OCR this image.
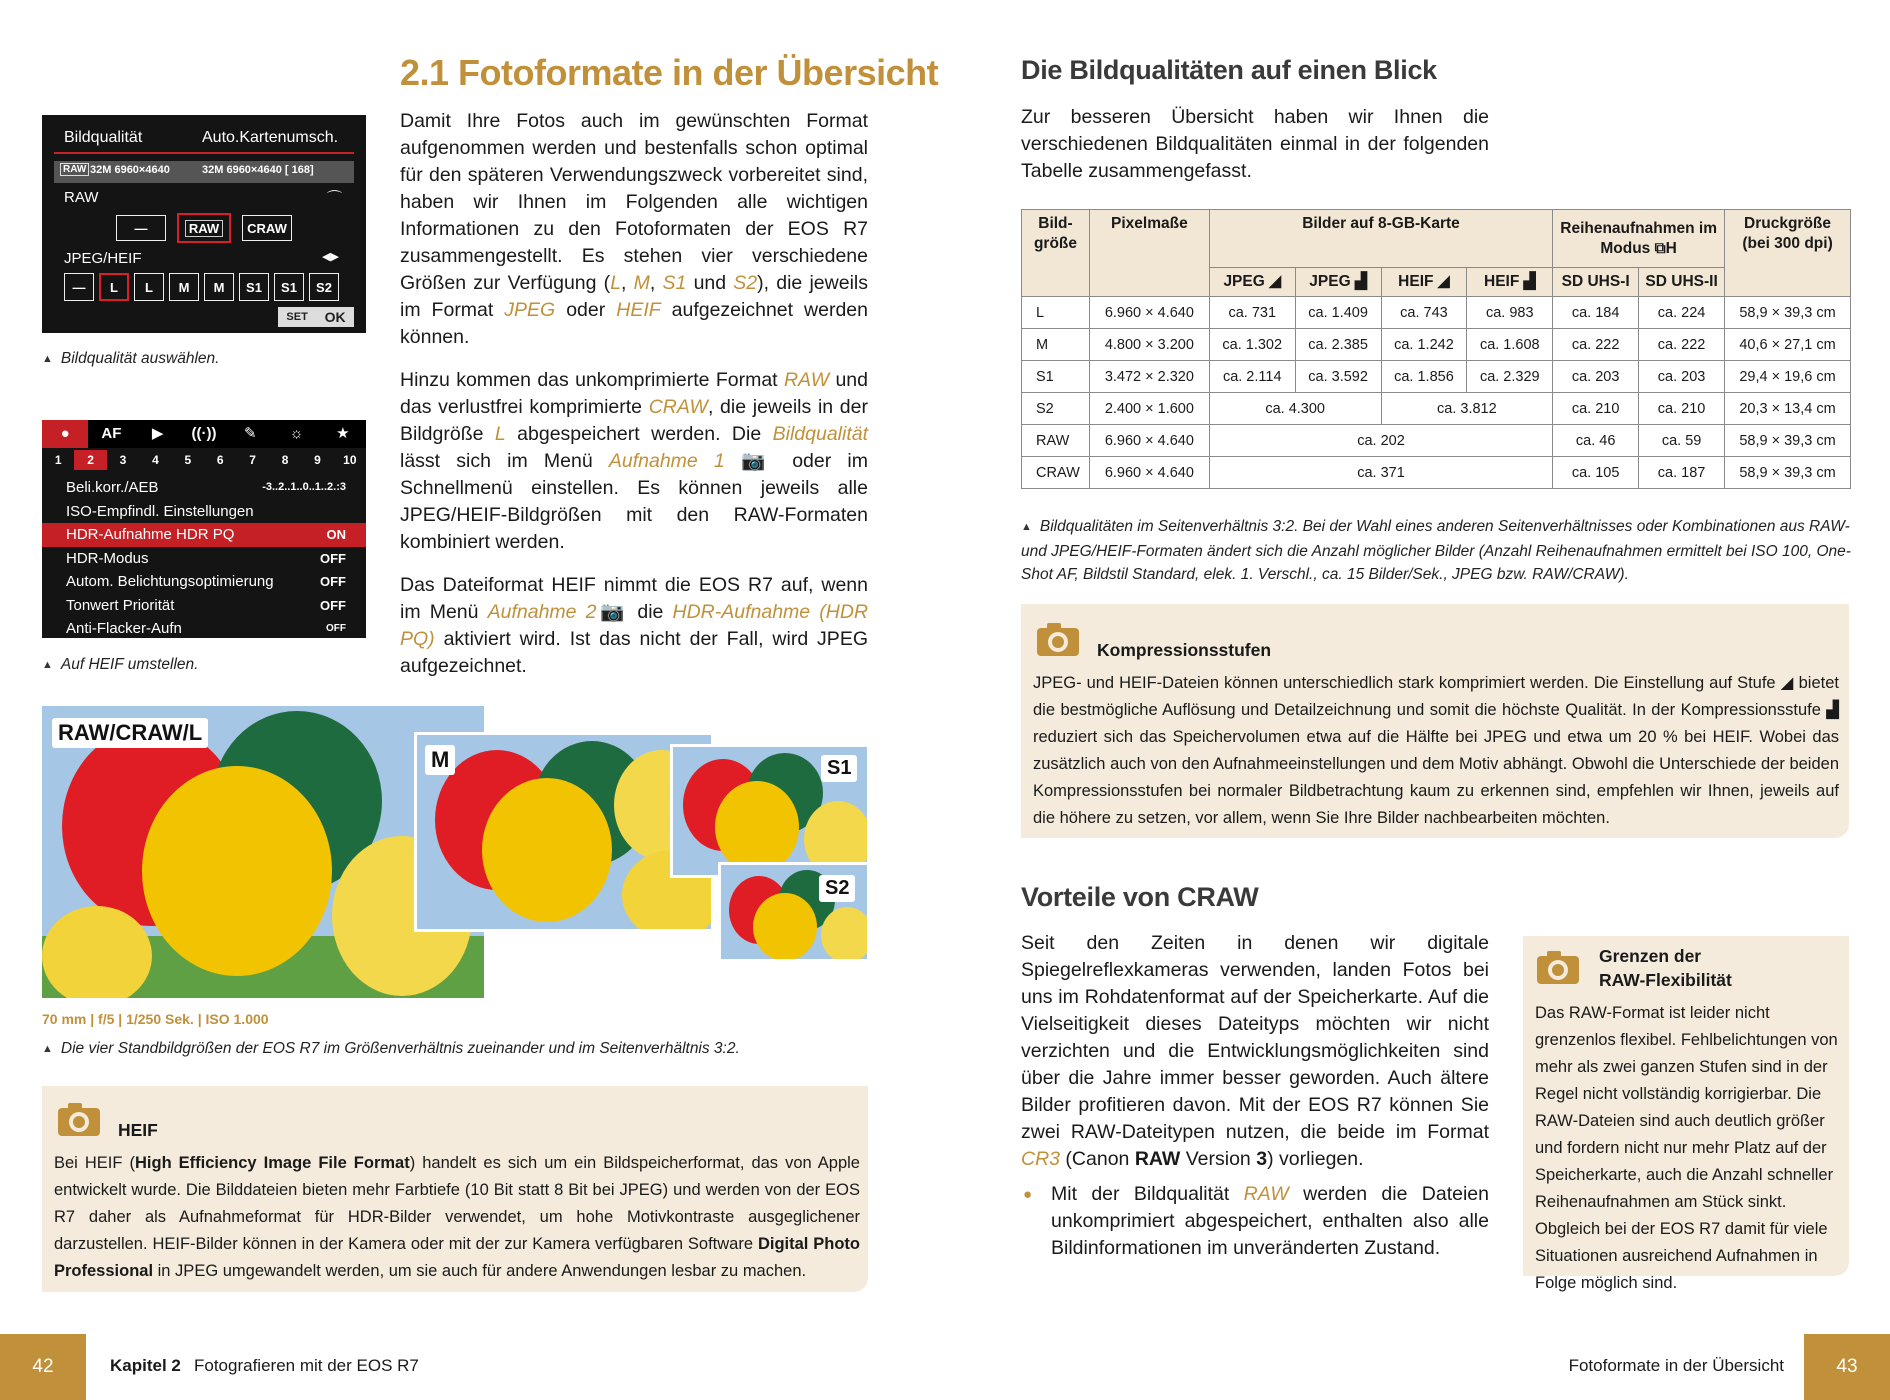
2.1 Fotoformate in der Übersicht
Bildqualität	Auto.Kartenumsch.
RAW 32M 6960×4640	32M 6960×4640 [ 168]
RAW	⌒
—	RAW	CRAW
JPEG/HEIF	◀▶
—	L	L	M	M	S1	S1	S2
SET OK
▲ Bildqualität auswählen.
●	AF	▶	((·))	✎	☼	★
1	2	3	4	5	6	7	8	9	10
Beli.korr./AEB	-3..2..1..0..1..2.:3
ISO-Empfindl. Einstellungen
HDR-Aufnahme HDR PQ	ON
HDR-Modus	OFF
Autom. Belichtungsoptimierung	OFF
Tonwert Priorität	OFF
Anti-Flacker-Aufn	OFF
▲ Auf HEIF umstellen.
RAW/CRAW/L
M	S1
S2
70 mm | f/5 | 1/250 Sek. | ISO 1.000
▲ Die vier Standbildgrößen der EOS R7 im Größenverhältnis zueinander und im Seitenverhältnis 3:2.

Damit Ihre Fotos auch im gewünschten Format aufgenommen werden und bestenfalls schon optimal für den späteren Verwendungszweck vorbereitet sind, haben wir Ihnen im Folgenden alle wichtigen Informationen zu den Fotoformaten der EOS R7 zusammengestellt. Es stehen vier verschiedene Größen zur Verfügung (L, M, S1 und S2), die jeweils im Format JPEG oder HEIF aufgezeichnet werden können.

Hinzu kommen das unkomprimierte Format RAW und das verlustfrei komprimierte CRAW, die jeweils in der Bildgröße L abgespeichert werden. Die Bildqualität lässt sich im Menü Aufnahme 1 📷 oder im Schnellmenü einstellen. Es können jeweils alle JPEG/HEIF-Bildgrößen mit den RAW-Formaten kombiniert werden.

Das Dateiformat HEIF nimmt die EOS R7 auf, wenn im Menü Aufnahme 2📷 die HDR-Aufnahme (HDR PQ) aktiviert wird. Ist das nicht der Fall, wird JPEG aufgezeichnet.

HEIF
Bei HEIF (High Efficiency Image File Format) handelt es sich um ein Bildspeicherformat, das von Apple entwickelt wurde. Die Bilddateien bieten mehr Farbtiefe (10 Bit statt 8 Bit bei JPEG) und werden von der EOS R7 daher als Aufnahmeformat für HDR-Bilder verwendet, um hohe Motivkontraste ausgeglichener darzustellen. HEIF-Bilder können in der Kamera oder mit der zur Kamera verfügbaren Software Digital Photo Professional in JPEG umgewandelt werden, um sie auch für andere Anwendungen lesbar zu machen.
Die Bildqualitäten auf einen Blick
Zur besseren Übersicht haben wir Ihnen die verschiedenen Bildqualitäten einmal in der folgenden Tabelle zusammengefasst.
Bild-
größe	Pixelmaße	Bilder auf 8-GB-Karte				Reihenaufnahmen im Modus ⧉H		Druckgröße (bei 300 dpi)
		JPEG ◢	JPEG ▟	HEIF ◢	HEIF ▟	SD UHS-I	SD UHS-II	
L	6.960 × 4.640	ca. 731	ca. 1.409	ca. 743	ca. 983	ca. 184	ca. 224	58,9 × 39,3 cm
M	4.800 × 3.200	ca. 1.302	ca. 2.385	ca. 1.242	ca. 1.608	ca. 222	ca. 222	40,6 × 27,1 cm
S1	3.472 × 2.320	ca. 2.114	ca. 3.592	ca. 1.856	ca. 2.329	ca. 203	ca. 203	29,4 × 19,6 cm
S2	2.400 × 1.600	ca. 4.300		ca. 3.812		ca. 210	ca. 210	20,3 × 13,4 cm
RAW	6.960 × 4.640	ca. 202				ca. 46	ca. 59	58,9 × 39,3 cm
CRAW	6.960 × 4.640	ca. 371				ca. 105	ca. 187	58,9 × 39,3 cm
▲ Bildqualitäten im Seitenverhältnis 3:2. Bei der Wahl eines anderen Seitenverhältnisses oder Kombinationen aus RAW- und JPEG/HEIF-Formaten ändert sich die Anzahl möglicher Bilder (Anzahl Reihenaufnahmen ermittelt bei ISO 100, One-Shot AF, Bildstil Standard, elek. 1. Verschl., ca. 15 Bilder/Sek., JPEG bzw. RAW/CRAW).
Kompressionsstufen
JPEG- und HEIF-Dateien können unterschiedlich stark komprimiert werden. Die Einstellung auf Stufe ◢ bietet die bestmögliche Auflösung und Detailzeichnung und somit die höchste Qualität. In der Kompressionsstufe ▟ reduziert sich das Speichervolumen etwa auf die Hälfte bei JPEG und etwa um 20 % bei HEIF. Wobei das zusätzlich auch von den Aufnahmeeinstellungen und dem Motiv abhängt. Obwohl die Unterschiede der beiden Kompressionsstufen bei normaler Bildbetrachtung kaum zu erkennen sind, empfehlen wir Ihnen, jeweils auf die höhere zu setzen, vor allem, wenn Sie Ihre Bilder nachbearbeiten möchten.
Vorteile von CRAW
Seit den Zeiten in denen wir digitale Spiegelreflexkameras verwenden, landen Fotos bei uns im Rohdatenformat auf der Speicherkarte. Auf die Vielseitigkeit dieses Dateityps möchten wir nicht verzichten und die Entwicklungsmöglichkeiten sind über die Jahre immer besser geworden. Auch ältere Bilder profitieren davon. Mit der EOS R7 können Sie zwei RAW-Dateitypen nutzen, die beide im Format CR3 (Canon RAW Version 3) vorliegen.
● Mit der Bildqualität RAW werden die Dateien unkomprimiert abgespeichert, enthalten also alle Bildinformationen im unveränderten Zustand.
Grenzen der
RAW-Flexibilität
Das RAW-Format ist leider nicht grenzenlos flexibel. Fehlbelichtungen von mehr als zwei ganzen Stufen sind in der Regel nicht vollständig korrigierbar. Die RAW-Dateien sind auch deutlich größer und fordern nicht nur mehr Platz auf der Speicherkarte, auch die Anzahl schneller Reihenaufnahmen am Stück sinkt. Obgleich bei der EOS R7 damit für viele Situationen ausreichend Aufnahmen in Folge möglich sind.
42	Kapitel 2 Fotografieren mit der EOS R7	Fotoformate in der Übersicht	43
